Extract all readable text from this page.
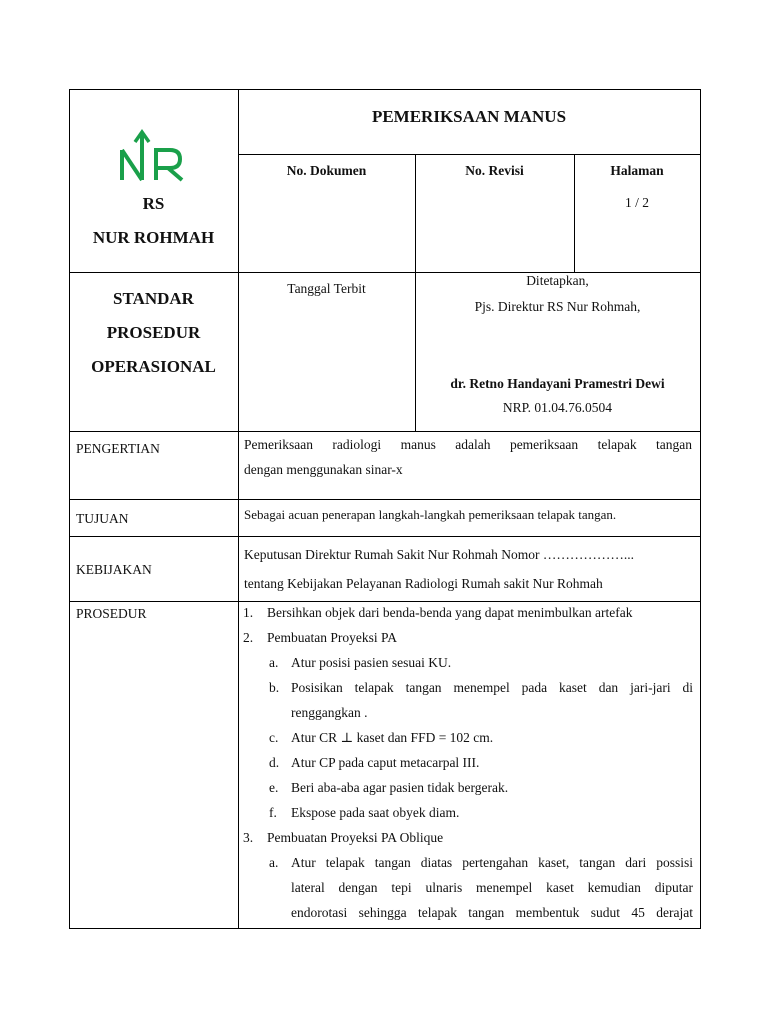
NR
RS
NUR ROHMAH
PEMERIKSAAN MANUS
No. Dokumen	No. Revisi	Halaman
1 / 2
STANDAR
PROSEDUR
OPERASIONAL
Tanggal Terbit
Ditetapkan,
Pjs. Direktur RS Nur Rohmah,
dr. Retno Handayani Pramestri Dewi
NRP. 01.04.76.0504
PENGERTIAN
TUJUAN
KEBIJAKAN
PROSEDUR
Pemeriksaan radiologi manus adalah pemeriksaan telapak tangan
dengan menggunakan sinar-x
Sebagai acuan penerapan langkah-langkah pemeriksaan telapak tangan.
Keputusan Direktur Rumah Sakit Nur Rohmah Nomor ………………...
tentang Kebijakan Pelayanan Radiologi Rumah sakit Nur Rohmah
1. Bersihkan objek dari benda-benda yang dapat menimbulkan artefak
2. Pembuatan Proyeksi PA
a. Atur posisi pasien sesuai KU.
b. Posisikan telapak tangan menempel pada kaset dan jari-jari di
renggangkan .
c. Atur CR ⊥ kaset dan FFD = 102 cm.
d. Atur CP pada caput metacarpal III.
e. Beri aba-aba agar pasien tidak bergerak.
f. Ekspose pada saat obyek diam.
3. Pembuatan Proyeksi PA Oblique
a. Atur telapak tangan diatas pertengahan kaset, tangan dari possisi
lateral dengan tepi ulnaris menempel kaset kemudian diputar
endorotasi sehingga telapak tangan membentuk sudut 45 derajat
